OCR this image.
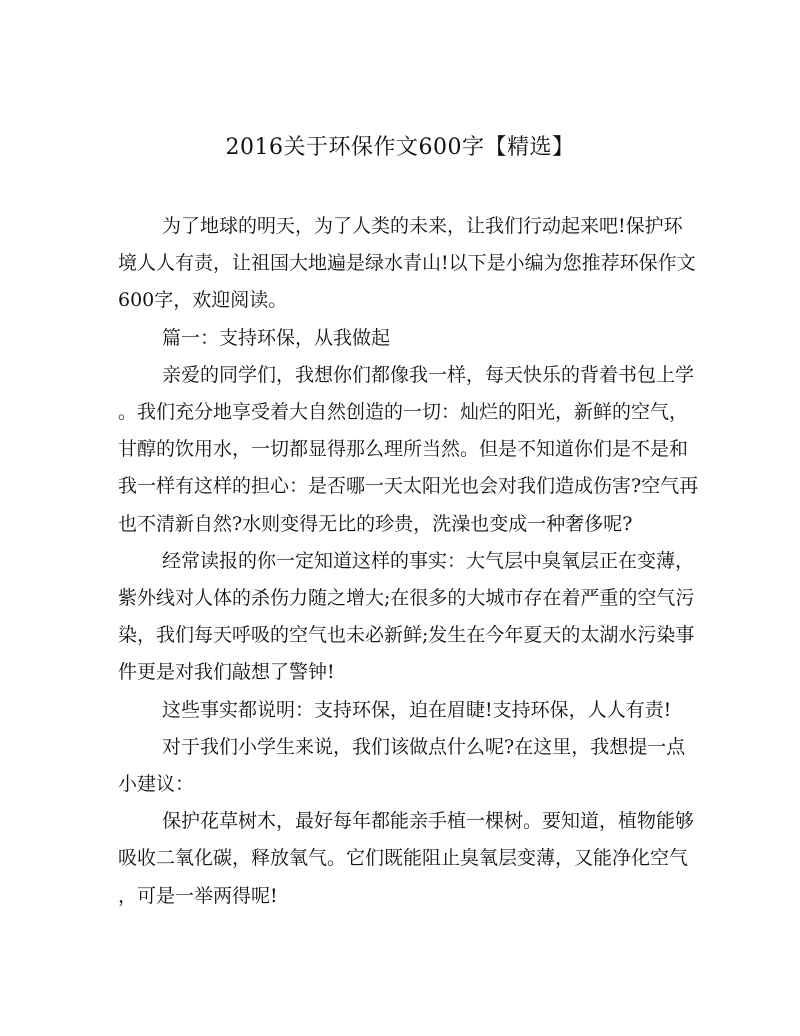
2016关于环保作文600字【精选】

为了地球的明天，为了人类的未来，让我们行动起来吧!保护环
境人人有责，让祖国大地遍是绿水青山!以下是小编为您推荐环保作文
600字，欢迎阅读。

篇一：支持环保，从我做起

亲爱的同学们，我想你们都像我一样，每天快乐的背着书包上学
。我们充分地享受着大自然创造的一切：灿烂的阳光，新鲜的空气，
甘醇的饮用水，一切都显得那么理所当然。但是不知道你们是不是和
我一样有这样的担心：是否哪一天太阳光也会对我们造成伤害?空气再
也不清新自然?水则变得无比的珍贵，洗澡也变成一种奢侈呢?

经常读报的你一定知道这样的事实：大气层中臭氧层正在变薄，
紫外线对人体的杀伤力随之增大;在很多的大城市存在着严重的空气污
染，我们每天呼吸的空气也未必新鲜;发生在今年夏天的太湖水污染事
件更是对我们敲想了警钟!

这些事实都说明：支持环保，迫在眉睫!支持环保，人人有责!

对于我们小学生来说，我们该做点什么呢?在这里，我想提一点
小建议：

保护花草树木，最好每年都能亲手植一棵树。要知道，植物能够
吸收二氧化碳，释放氧气。它们既能阻止臭氧层变薄，又能净化空气
，可是一举两得呢!
